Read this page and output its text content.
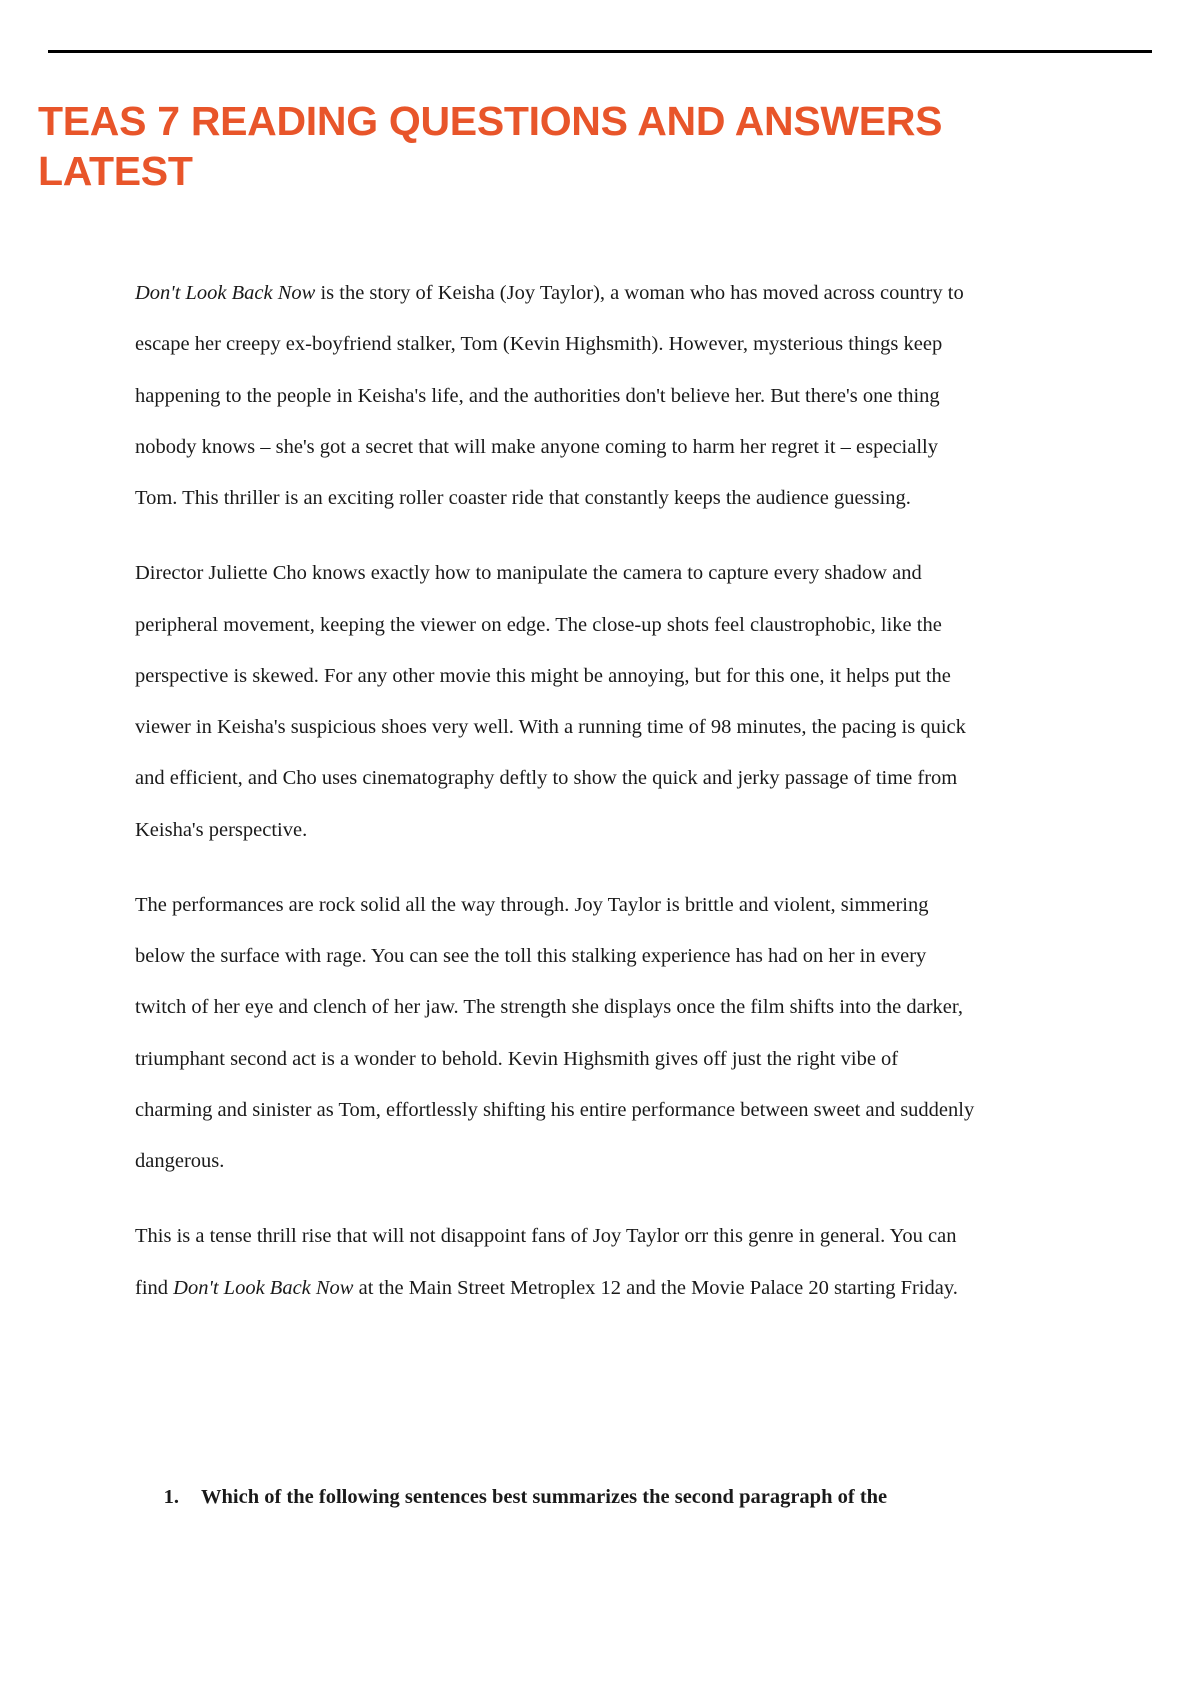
TEAS 7 READING QUESTIONS AND ANSWERS LATEST

Don't Look Back Now is the story of Keisha (Joy Taylor), a woman who has moved across country to escape her creepy ex-boyfriend stalker, Tom (Kevin Highsmith). However, mysterious things keep happening to the people in Keisha's life, and the authorities don't believe her. But there's one thing nobody knows – she's got a secret that will make anyone coming to harm her regret it – especially Tom. This thriller is an exciting roller coaster ride that constantly keeps the audience guessing.

Director Juliette Cho knows exactly how to manipulate the camera to capture every shadow and peripheral movement, keeping the viewer on edge. The close-up shots feel claustrophobic, like the perspective is skewed. For any other movie this might be annoying, but for this one, it helps put the viewer in Keisha's suspicious shoes very well. With a running time of 98 minutes, the pacing is quick and efficient, and Cho uses cinematography deftly to show the quick and jerky passage of time from Keisha's perspective.

The performances are rock solid all the way through. Joy Taylor is brittle and violent, simmering below the surface with rage. You can see the toll this stalking experience has had on her in every twitch of her eye and clench of her jaw. The strength she displays once the film shifts into the darker, triumphant second act is a wonder to behold. Kevin Highsmith gives off just the right vibe of charming and sinister as Tom, effortlessly shifting his entire performance between sweet and suddenly dangerous.

This is a tense thrill rise that will not disappoint fans of Joy Taylor orr this genre in general. You can find Don't Look Back Now at the Main Street Metroplex 12 and the Movie Palace 20 starting Friday.

1.	Which of the following sentences best summarizes the second paragraph of the
